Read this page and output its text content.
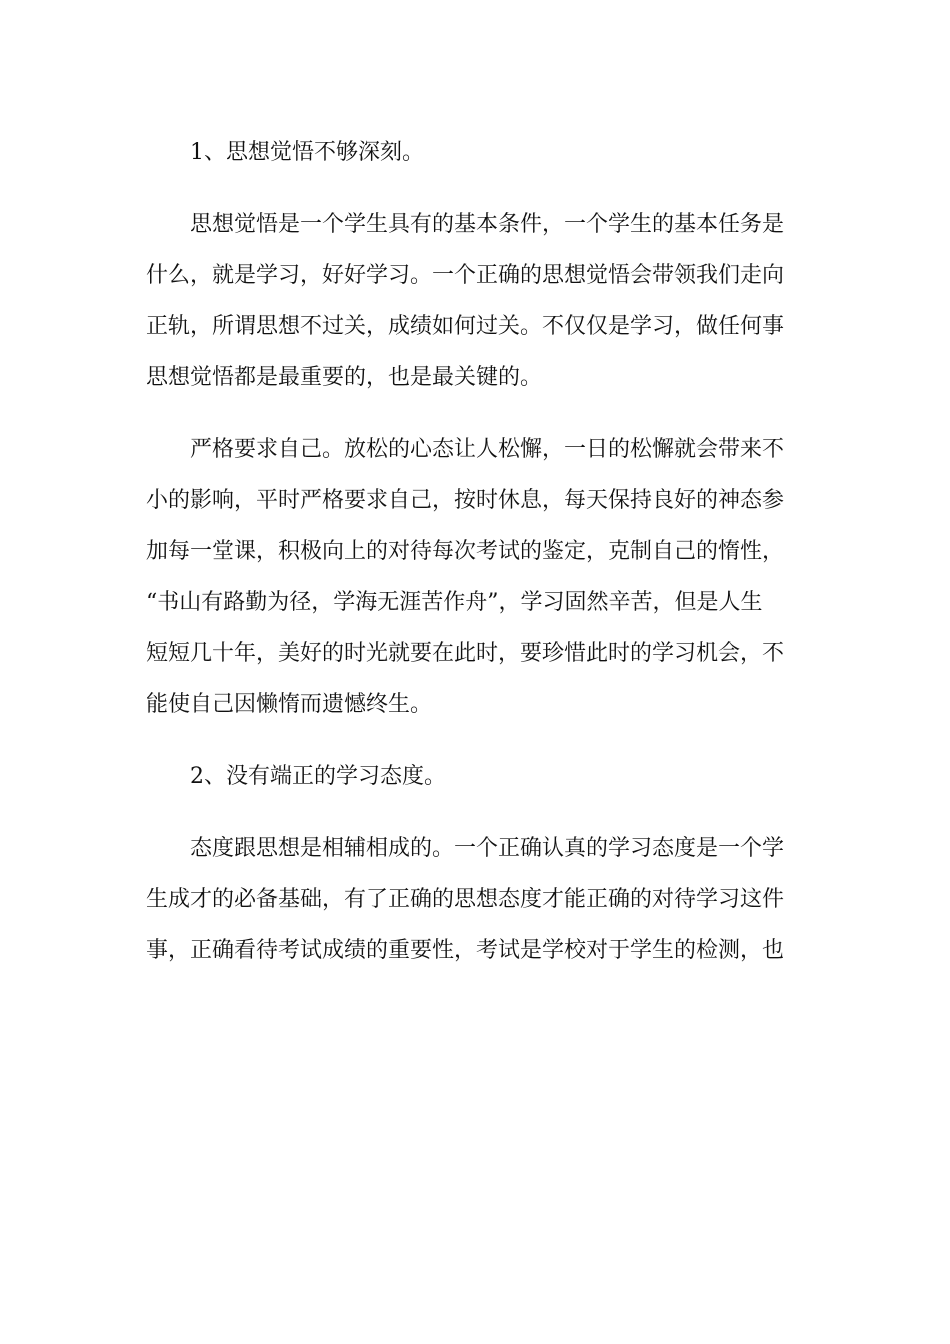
1、思想觉悟不够深刻。

思想觉悟是一个学生具有的基本条件，一个学生的基本任务是

什么，就是学习，好好学习。一个正确的思想觉悟会带领我们走向

正轨，所谓思想不过关，成绩如何过关。不仅仅是学习，做任何事

思想觉悟都是最重要的，也是最关键的。

严格要求自己。放松的心态让人松懈，一日的松懈就会带来不

小的影响，平时严格要求自己，按时休息，每天保持良好的神态参

加每一堂课，积极向上的对待每次考试的鉴定，克制自己的惰性，

“书山有路勤为径，学海无涯苦作舟”，学习固然辛苦，但是人生

短短几十年，美好的时光就要在此时，要珍惜此时的学习机会，不

能使自己因懒惰而遗憾终生。

2、没有端正的学习态度。

态度跟思想是相辅相成的。一个正确认真的学习态度是一个学

生成才的必备基础，有了正确的思想态度才能正确的对待学习这件

事，正确看待考试成绩的重要性，考试是学校对于学生的检测，也
